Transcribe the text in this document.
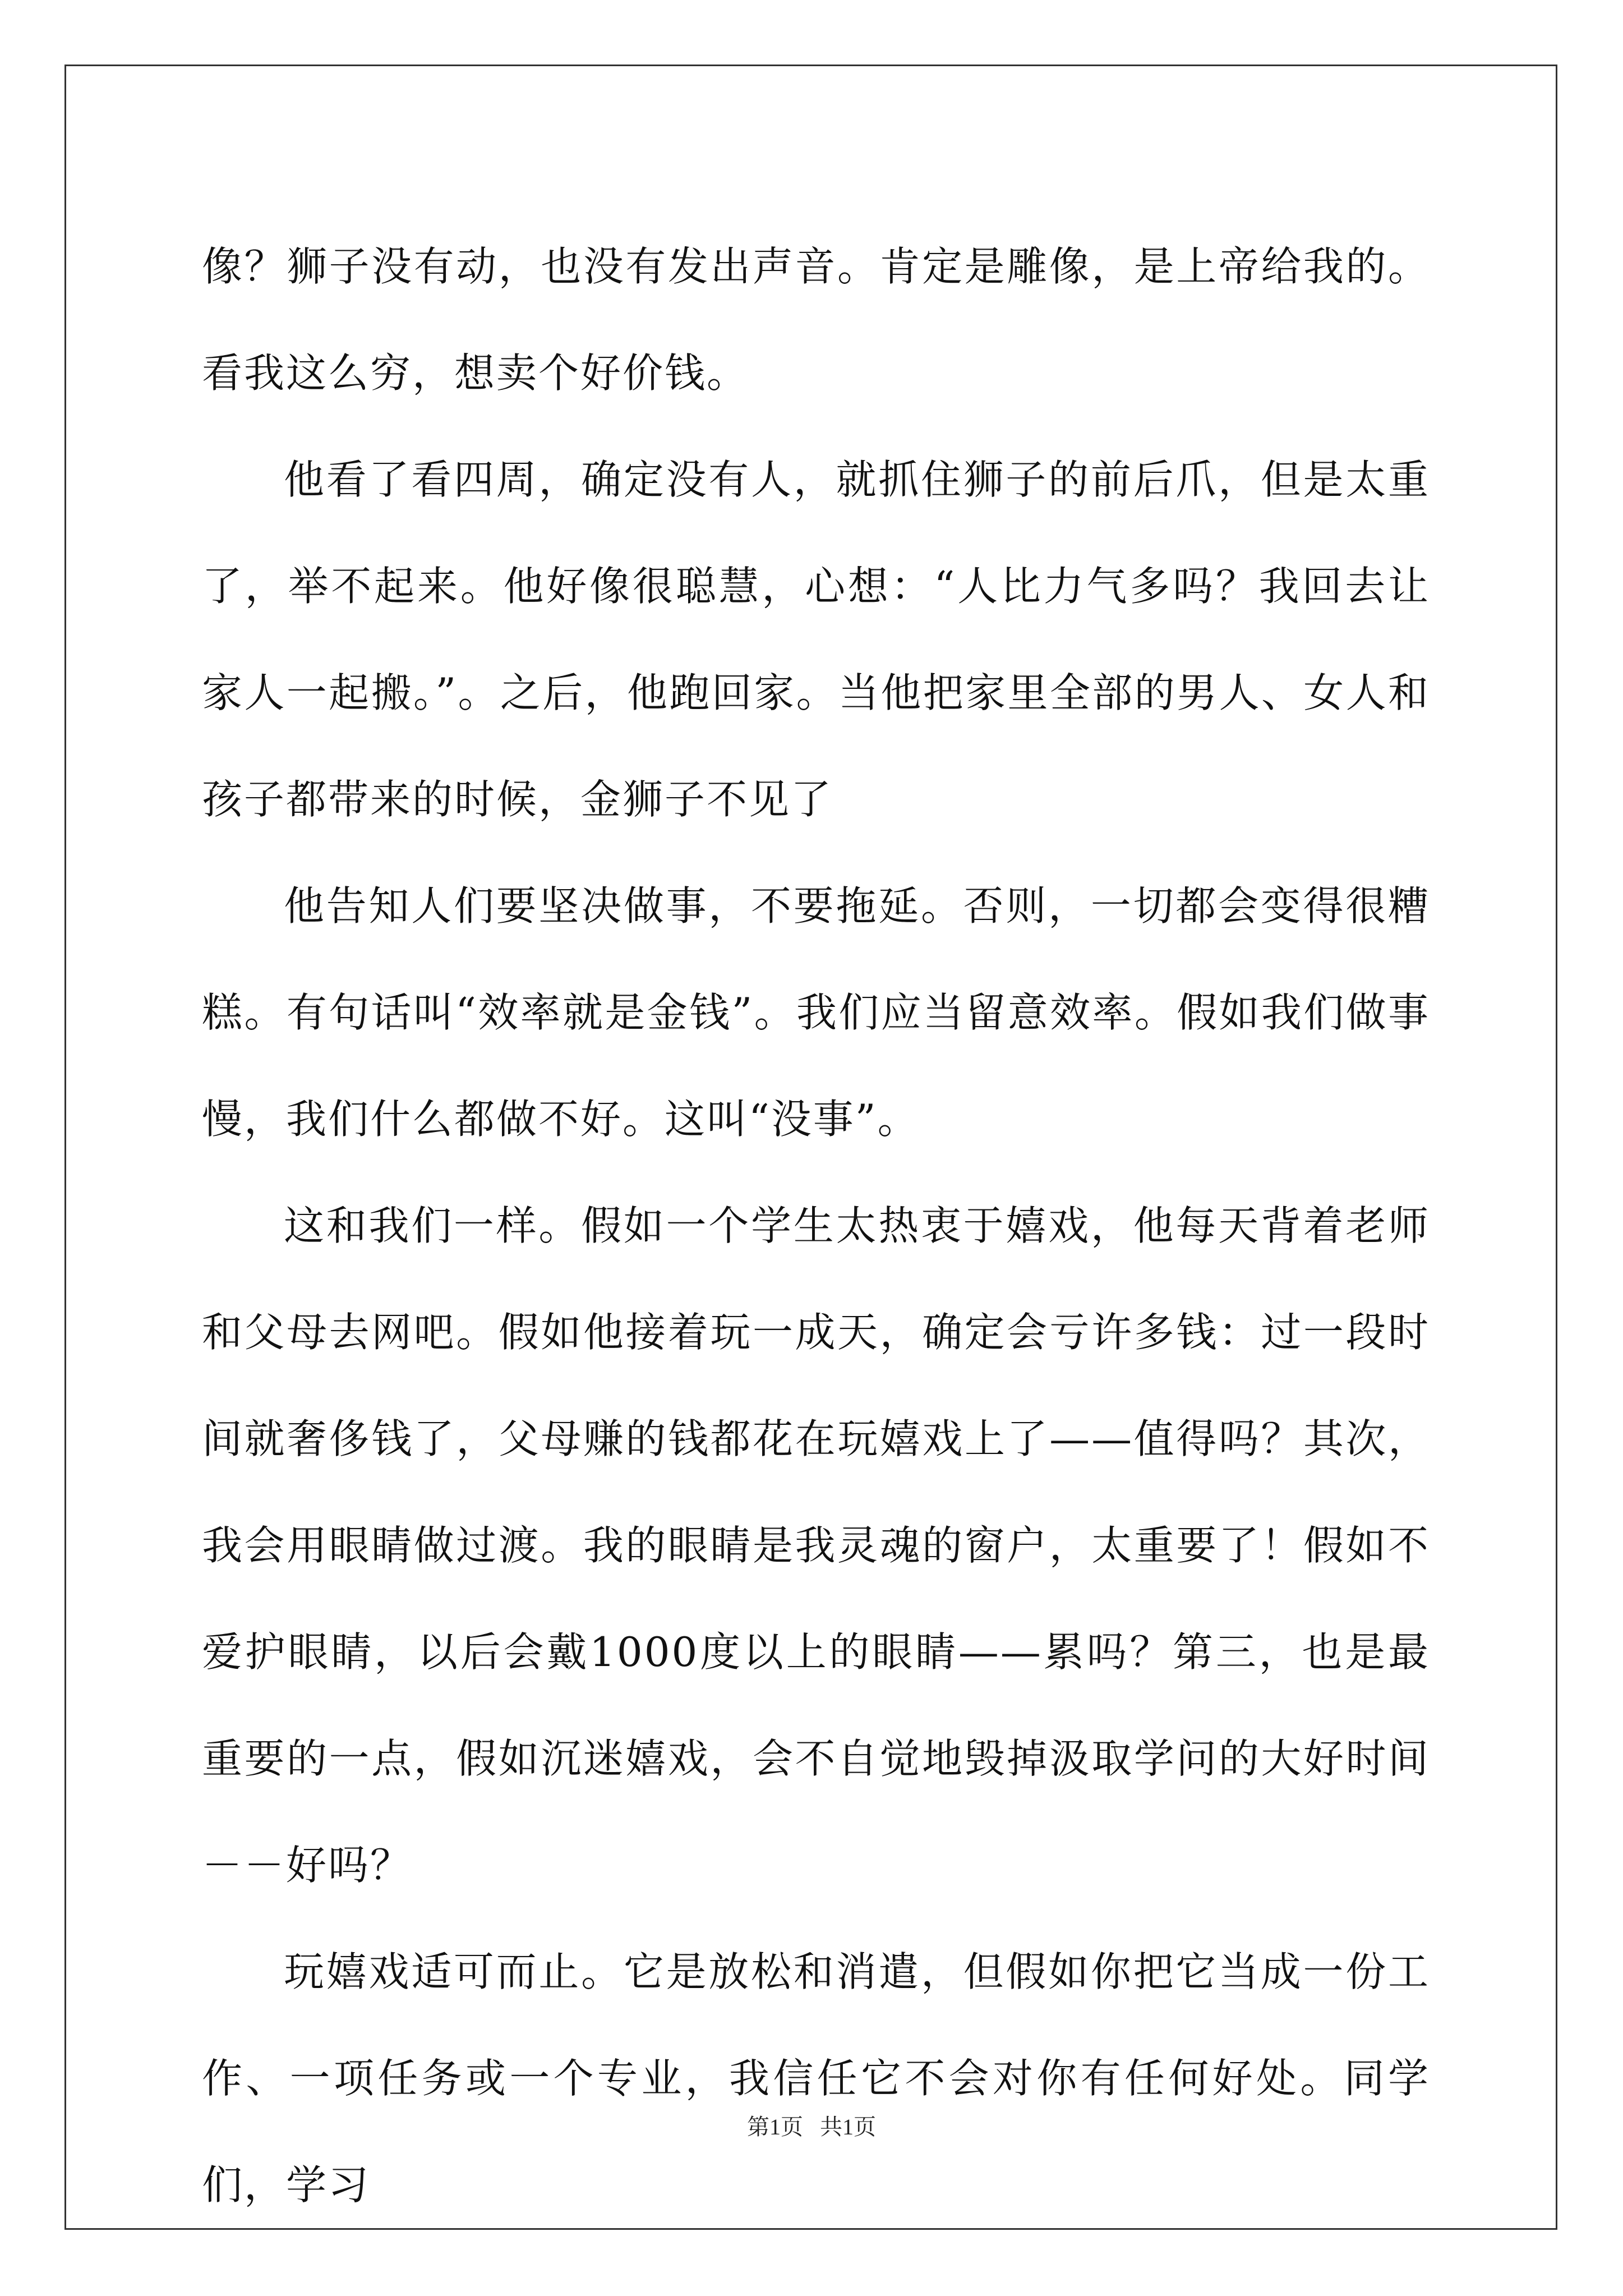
像？狮子没有动，也没有发出声音。肯定是雕像，是上帝给我的。看我这么穷，想卖个好价钱。

他看了看四周，确定没有人，就抓住狮子的前后爪，但是太重了，举不起来。他好像很聪慧，心想：“人比力气多吗？我回去让家人一起搬。”。之后，他跑回家。当他把家里全部的男人、女人和孩子都带来的时候，金狮子不见了

他告知人们要坚决做事，不要拖延。否则，一切都会变得很糟糕。有句话叫“效率就是金钱”。我们应当留意效率。假如我们做事慢，我们什么都做不好。这叫“没事”。

这和我们一样。假如一个学生太热衷于嬉戏，他每天背着老师和父母去网吧。假如他接着玩一成天，确定会亏许多钱：过一段时间就奢侈钱了，父母赚的钱都花在玩嬉戏上了——值得吗？其次，我会用眼睛做过渡。我的眼睛是我灵魂的窗户，太重要了！假如不爱护眼睛，以后会戴1000度以上的眼睛——累吗？第三，也是最重要的一点，假如沉迷嬉戏，会不自觉地毁掉汲取学问的大好时间－－好吗？

玩嬉戏适可而止。它是放松和消遣，但假如你把它当成一份工作、一项任务或一个专业，我信任它不会对你有任何好处。同学们，学习

第1页 共1页
